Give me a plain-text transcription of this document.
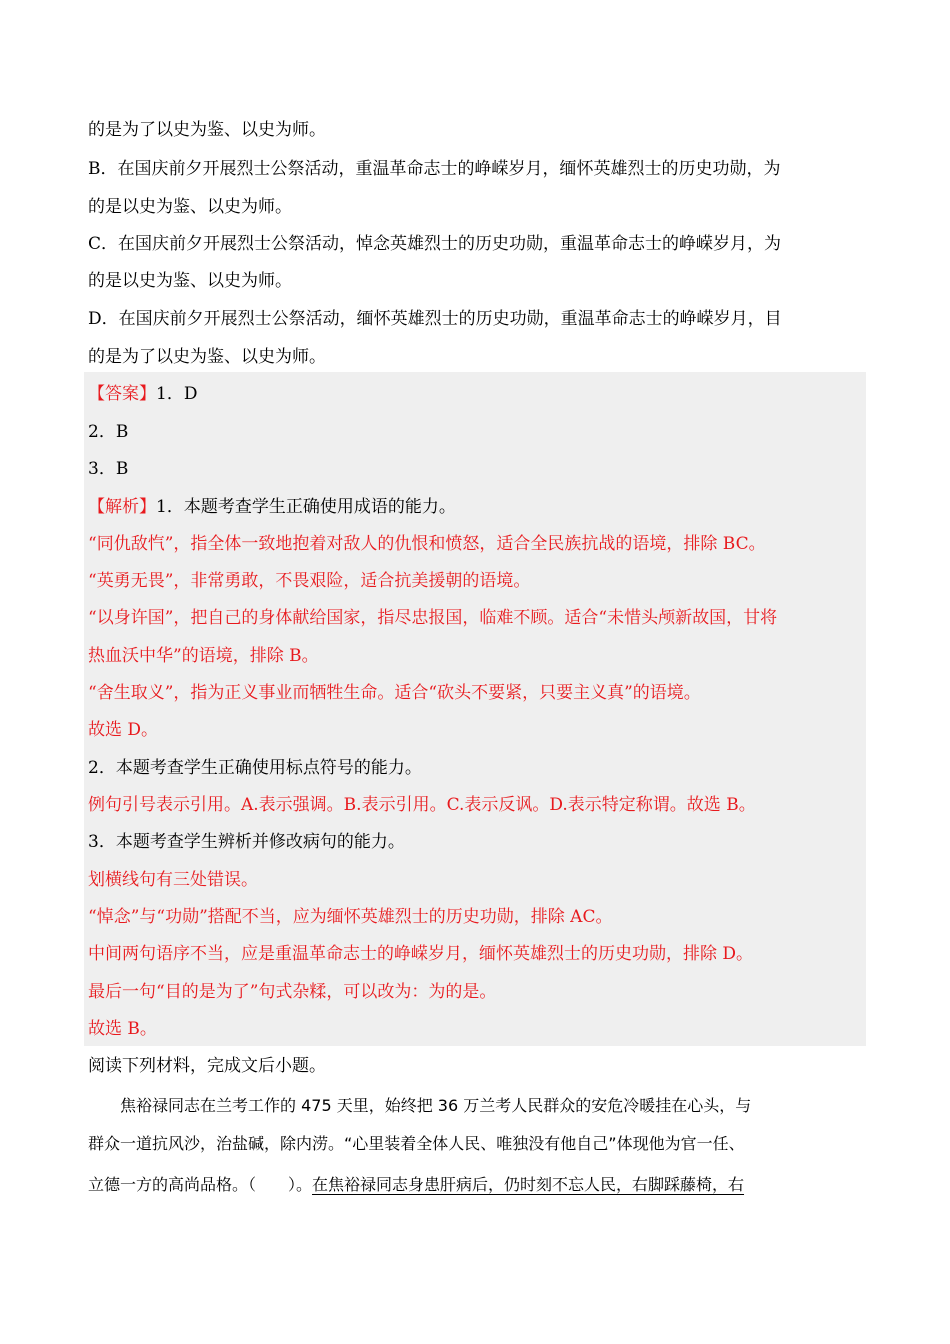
的是为了以史为鉴、以史为师。
B．在国庆前夕开展烈士公祭活动，重温革命志士的峥嵘岁月，缅怀英雄烈士的历史功勋，为
的是以史为鉴、以史为师。
C．在国庆前夕开展烈士公祭活动，悼念英雄烈士的历史功勋，重温革命志士的峥嵘岁月，为
的是以史为鉴、以史为师。
D．在国庆前夕开展烈士公祭活动，缅怀英雄烈士的历史功勋，重温革命志士的峥嵘岁月，目
的是为了以史为鉴、以史为师。
【答案】1．D
2．B
3．B
【解析】1．本题考查学生正确使用成语的能力。
“同仇敌忾”，指全体一致地抱着对敌人的仇恨和愤怒，适合全民族抗战的语境，排除 BC。
“英勇无畏”，非常勇敢，不畏艰险，适合抗美援朝的语境。
“以身许国”，把自己的身体献给国家，指尽忠报国，临难不顾。适合“未惜头颅新故国，甘将
热血沃中华”的语境，排除 B。
“舍生取义”，指为正义事业而牺牲生命。适合“砍头不要紧，只要主义真”的语境。
故选 D。
2．本题考查学生正确使用标点符号的能力。
例句引号表示引用。A.表示强调。B.表示引用。C.表示反讽。D.表示特定称谓。故选 B。
3．本题考查学生辨析并修改病句的能力。
划横线句有三处错误。
“悼念”与“功勋”搭配不当，应为缅怀英雄烈士的历史功勋，排除 AC。
中间两句语序不当，应是重温革命志士的峥嵘岁月，缅怀英雄烈士的历史功勋，排除 D。
最后一句“目的是为了”句式杂糅，可以改为：为的是。
故选 B。
阅读下列材料，完成文后小题。
焦裕禄同志在兰考工作的 475 天里，始终把 36 万兰考人民群众的安危冷暖挂在心头，与
群众一道抗风沙，治盐碱，除内涝。“心里装着全体人民、唯独没有他自己”体现他为官一任、
立德一方的高尚品格。（　　）。在焦裕禄同志身患肝病后，仍时刻不忘人民，右脚踩藤椅，右
